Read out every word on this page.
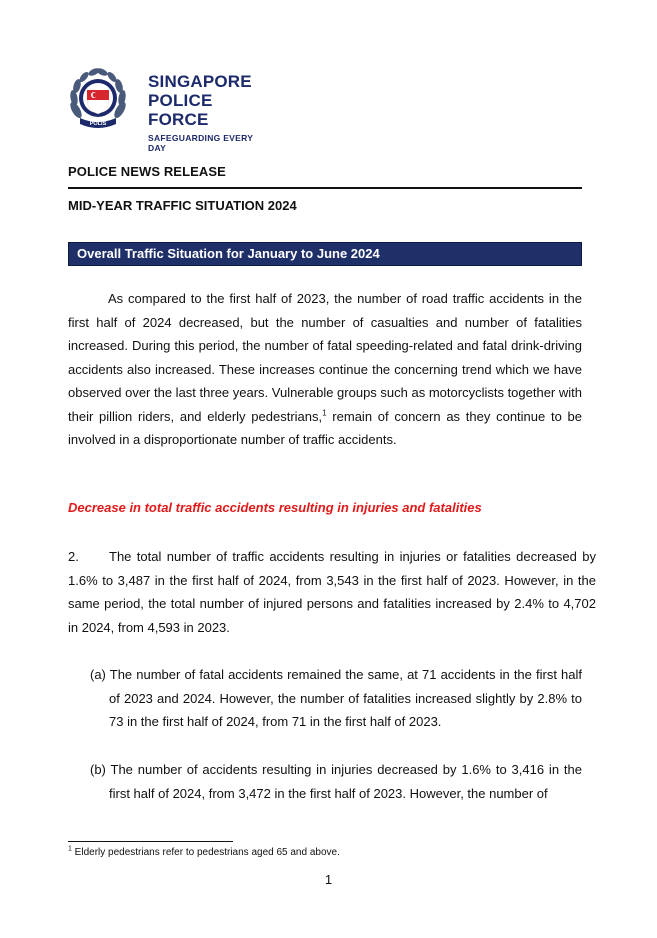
POLIS
SINGAPORE
POLICE FORCE
SAFEGUARDING EVERY DAY
POLICE NEWS RELEASE
MID-YEAR TRAFFIC SITUATION 2024
Overall Traffic Situation for January to June 2024
As compared to the first half of 2023, the number of road traffic accidents in the first half of 2024 decreased, but the number of casualties and number of fatalities increased. During this period, the number of fatal speeding-related and fatal drink-driving accidents also increased. These increases continue the concerning trend which we have observed over the last three years. Vulnerable groups such as motorcyclists together with their pillion riders, and elderly pedestrians,$^1$ remain of concern as they continue to be involved in a disproportionate number of traffic accidents.
Decrease in total traffic accidents resulting in injuries and fatalities
2. The total number of traffic accidents resulting in injuries or fatalities decreased by 1.6% to 3,487 in the first half of 2024, from 3,543 in the first half of 2023. However, in the same period, the total number of injured persons and fatalities increased by 2.4% to 4,702 in 2024, from 4,593 in 2023.
(a) The number of fatal accidents remained the same, at 71 accidents in the first half of 2023 and 2024. However, the number of fatalities increased slightly by 2.8% to 73 in the first half of 2024, from 71 in the first half of 2023.
(b) The number of accidents resulting in injuries decreased by 1.6% to 3,416 in the first half of 2024, from 3,472 in the first half of 2023. However, the number of
$^1$ Elderly pedestrians refer to pedestrians aged 65 and above.
1
